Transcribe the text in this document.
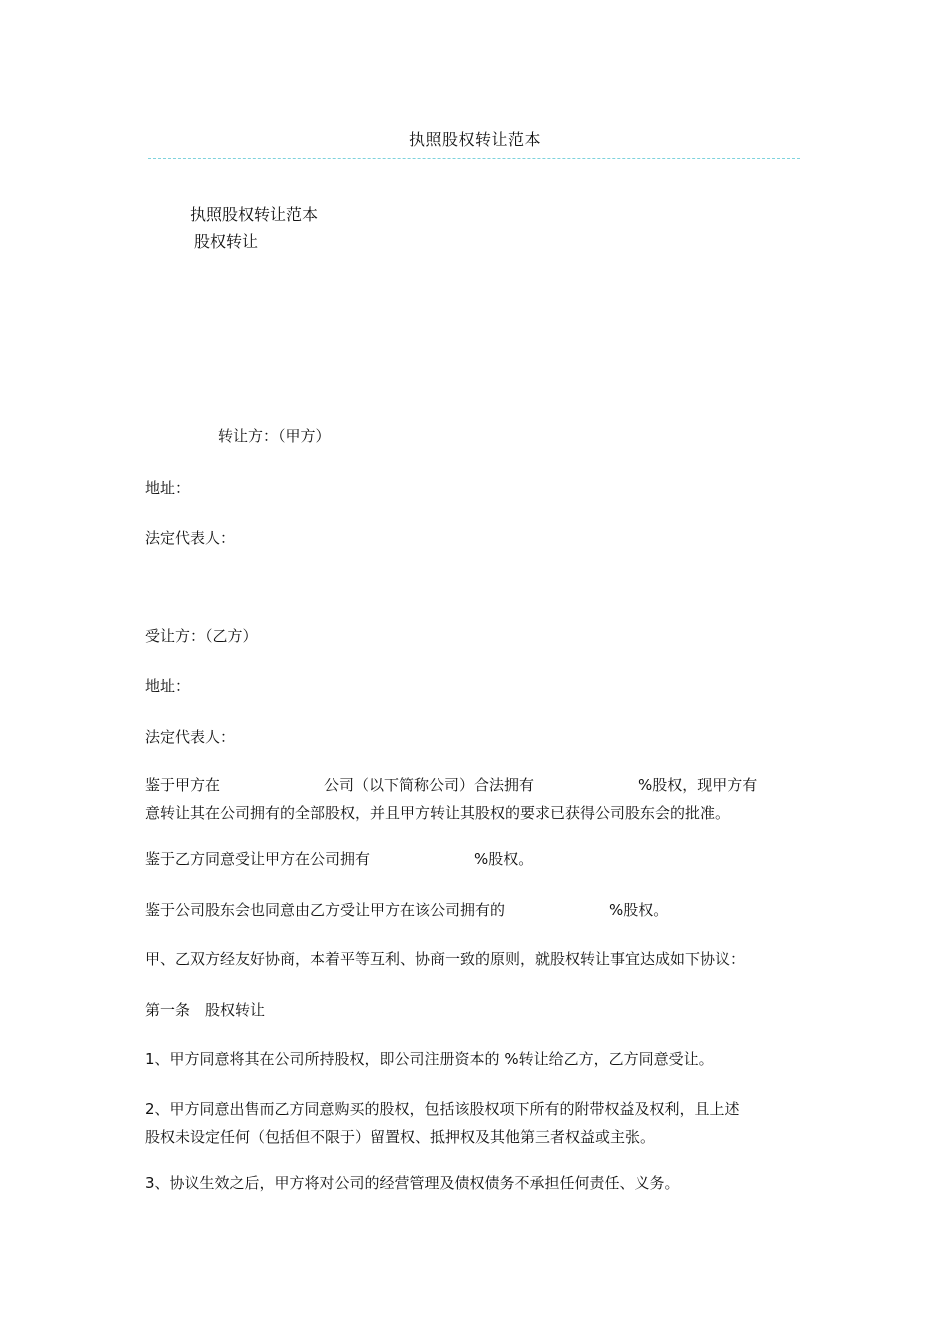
执照股权转让范本
执照股权转让范本
股权转让
转让方：（甲方）
地址：
法定代表人：
受让方：（乙方）
地址：
法定代表人：
鉴于甲方在	公司（以下简称公司）合法拥有	%股权，现甲方有
意转让其在公司拥有的全部股权，并且甲方转让其股权的要求已获得公司股东会的批准。
鉴于乙方同意受让甲方在公司拥有	%股权。
鉴于公司股东会也同意由乙方受让甲方在该公司拥有的	%股权。
甲、乙双方经友好协商，本着平等互利、协商一致的原则，就股权转让事宜达成如下协议：
第一条　股权转让
1、甲方同意将其在公司所持股权，即公司注册资本的 %转让给乙方，乙方同意受让。
2、甲方同意出售而乙方同意购买的股权，包括该股权项下所有的附带权益及权利，且上述
股权未设定任何（包括但不限于）留置权、抵押权及其他第三者权益或主张。
3、协议生效之后，甲方将对公司的经营管理及债权债务不承担任何责任、义务。
